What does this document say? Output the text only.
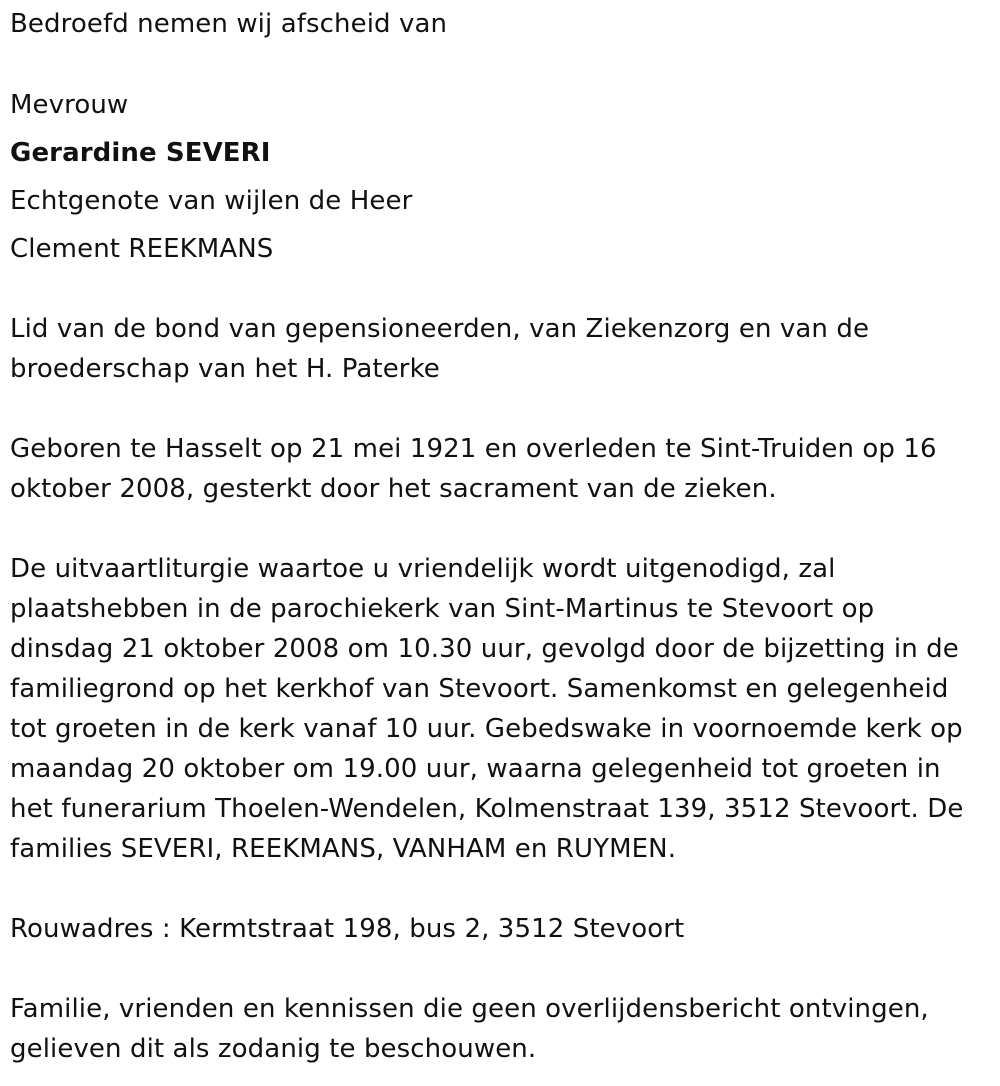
Bedroefd nemen wij afscheid van
Mevrouw
Gerardine SEVERI
Echtgenote van wijlen de Heer
Clement REEKMANS
Lid van de bond van gepensioneerden, van Ziekenzorg en van de
broederschap van het H. Paterke
Geboren te Hasselt op 21 mei 1921 en overleden te Sint-Truiden op 16
oktober 2008, gesterkt door het sacrament van de zieken.
De uitvaartliturgie waartoe u vriendelijk wordt uitgenodigd, zal
plaatshebben in de parochiekerk van Sint-Martinus te Stevoort op
dinsdag 21 oktober 2008 om 10.30 uur, gevolgd door de bijzetting in de
familiegrond op het kerkhof van Stevoort. Samenkomst en gelegenheid
tot groeten in de kerk vanaf 10 uur. Gebedswake in voornoemde kerk op
maandag 20 oktober om 19.00 uur, waarna gelegenheid tot groeten in
het funerarium Thoelen-Wendelen, Kolmenstraat 139, 3512 Stevoort. De
families SEVERI, REEKMANS, VANHAM en RUYMEN.
Rouwadres : Kermtstraat 198, bus 2, 3512 Stevoort
Familie, vrienden en kennissen die geen overlijdensbericht ontvingen,
gelieven dit als zodanig te beschouwen.
